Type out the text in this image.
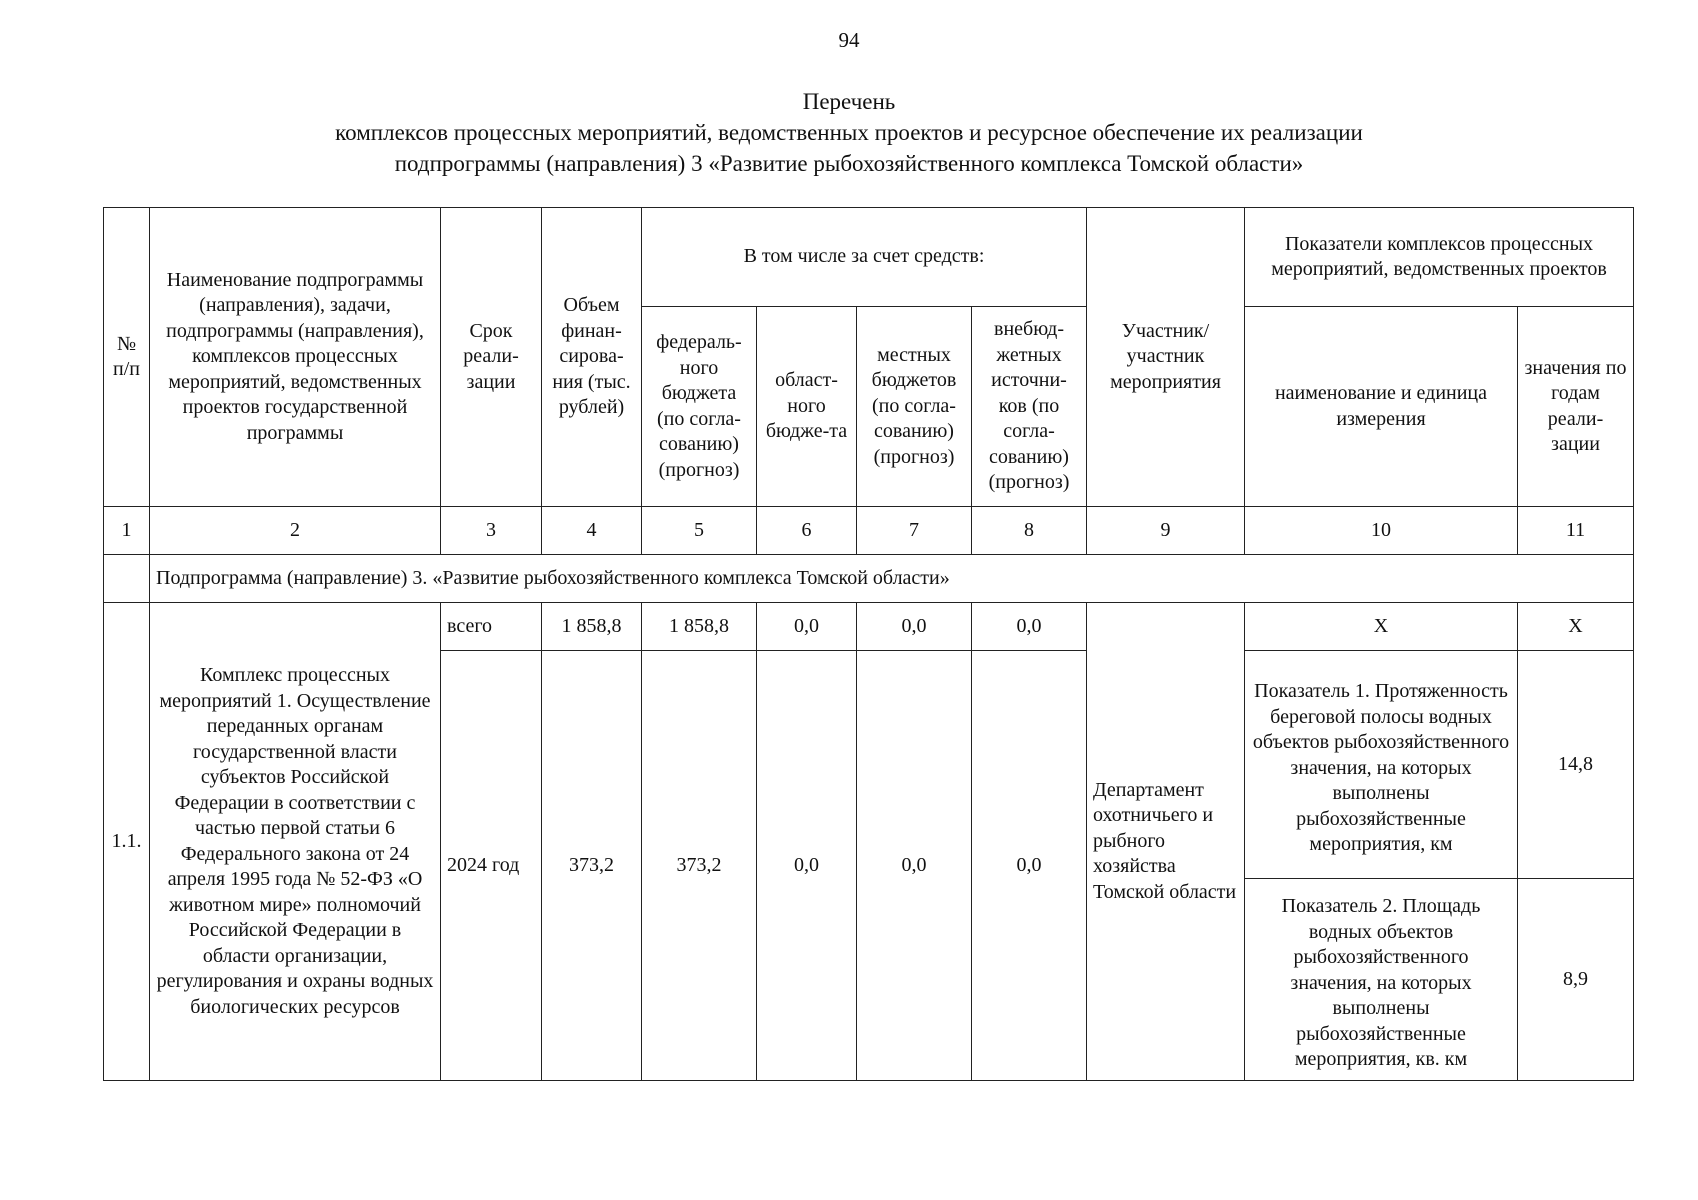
94
Перечень
комплексов процессных мероприятий, ведомственных проектов и ресурсное обеспечение их реализации
подпрограммы (направления) 3 «Развитие рыбохозяйственного комплекса Томской области»
№ п/п	Наименование подпрограммы (направления), задачи, подпрограммы (направления), комплексов процессных мероприятий, ведомственных проектов государственной программы	Срок реали-зации	Объем финан-сирова-ния (тыс. рублей)	В том числе за счет средств:				Участник/ участник мероприятия	Показатели комплексов процессных мероприятий, ведомственных проектов	
				федераль-ного бюджета (по согла-сованию) (прогноз)	област-ного бюдже-та	местных бюджетов (по согла-сованию) (прогноз)	внебюд-жетных источни-ков (по согла-сованию) (прогноз)		наименование и единица измерения	значения по годам реали-зации
1	2	3	4	5	6	7	8	9	10	11
	Подпрограмма (направление) 3. «Развитие рыбохозяйственного комплекса Томской области»									
1.1.	Комплекс процессных мероприятий 1. Осуществление переданных органам государственной власти субъектов Российской Федерации в соответствии с частью первой статьи 6 Федерального закона от 24 апреля 1995 года № 52-ФЗ «О животном мире» полномочий Российской Федерации в области организации, регулирования и охраны водных биологических ресурсов	всего	1 858,8	1 858,8	0,0	0,0	0,0	Департамент охотничьего и рыбного хозяйства Томской области	Х	Х
		2024 год	373,2	373,2	0,0	0,0	0,0		Показатель 1. Протяженность береговой полосы водных объектов рыбохозяйственного значения, на которых выполнены рыбохозяйственные мероприятия, км	14,8
									Показатель 2. Площадь водных объектов рыбохозяйственного значения, на которых выполнены рыбохозяйственные мероприятия, кв. км	8,9
